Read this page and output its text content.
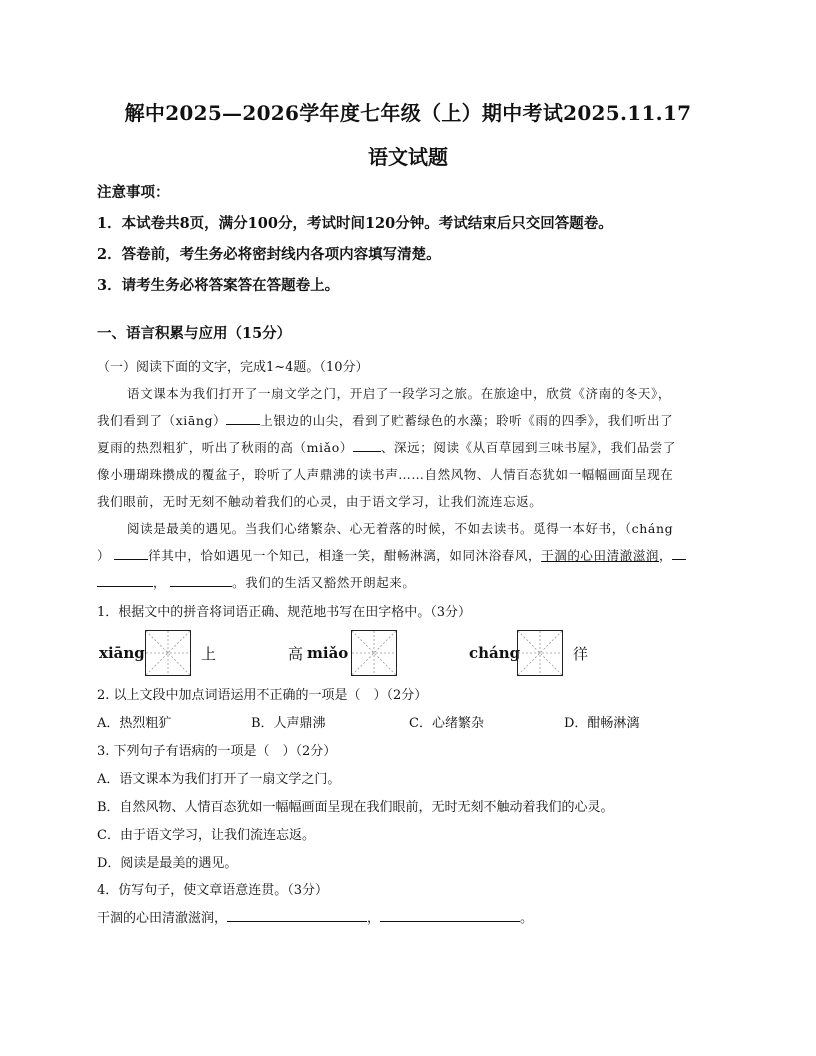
解中2025—2026学年度七年级（上）期中考试2025.11.17
语文试题
注意事项：
1．本试卷共8页，满分100分，考试时间120分钟。考试结束后只交回答题卷。
2．答卷前，考生务必将密封线内各项内容填写清楚。
3．请考生务必将答案答在答题卷上。
一、语言积累与应用（15分）
（一）阅读下面的文字，完成1~4题。（10分）
语文课本为我们打开了一扇文学之门，开启了一段学习之旅。在旅途中，欣赏《济南的冬天》，
我们看到了（xiāng）	上银边的山尖，看到了贮蓄绿色的水藻；聆听《雨的四季》，我们听出了
夏雨的热烈粗犷，听出了秋雨的高（miǎo） 、深远；阅读《从百草园到三味书屋》，我们品尝了
像小珊瑚珠攒成的覆盆子，聆听了人声鼎沸的读书声……自然风物、人情百态犹如一幅幅画面呈现在
我们眼前，无时无刻不触动着我们的心灵，由于语文学习，让我们流连忘返。
阅读是最美的遇见。当我们心绪繁杂、心无着落的时候，不如去读书。觅得一本好书，（cháng
）	徉其中，恰如遇见一个知己，相逢一笑，酣畅淋漓，如同沐浴春风，干涸的心田清澈滋润，
，	。我们的生活又豁然开朗起来。
1．根据文中的拼音将词语正确、规范地书写在田字格中。（3分）
xiāng	上	高 miǎo	cháng	徉
2. 以上文段中加点词语运用不正确的一项是（　）（2分）
A．热烈粗犷	B．人声鼎沸	C．心绪繁杂	D．酣畅淋漓
3. 下列句子有语病的一项是（　）（2分）
A．语文课本为我们打开了一扇文学之门。
B．自然风物、人情百态犹如一幅幅画面呈现在我们眼前，无时无刻不触动着我们的心灵。
C．由于语文学习，让我们流连忘返。
D．阅读是最美的遇见。
4．仿写句子，使文章语意连贯。（3分）
干涸的心田清澈滋润，	，	。
